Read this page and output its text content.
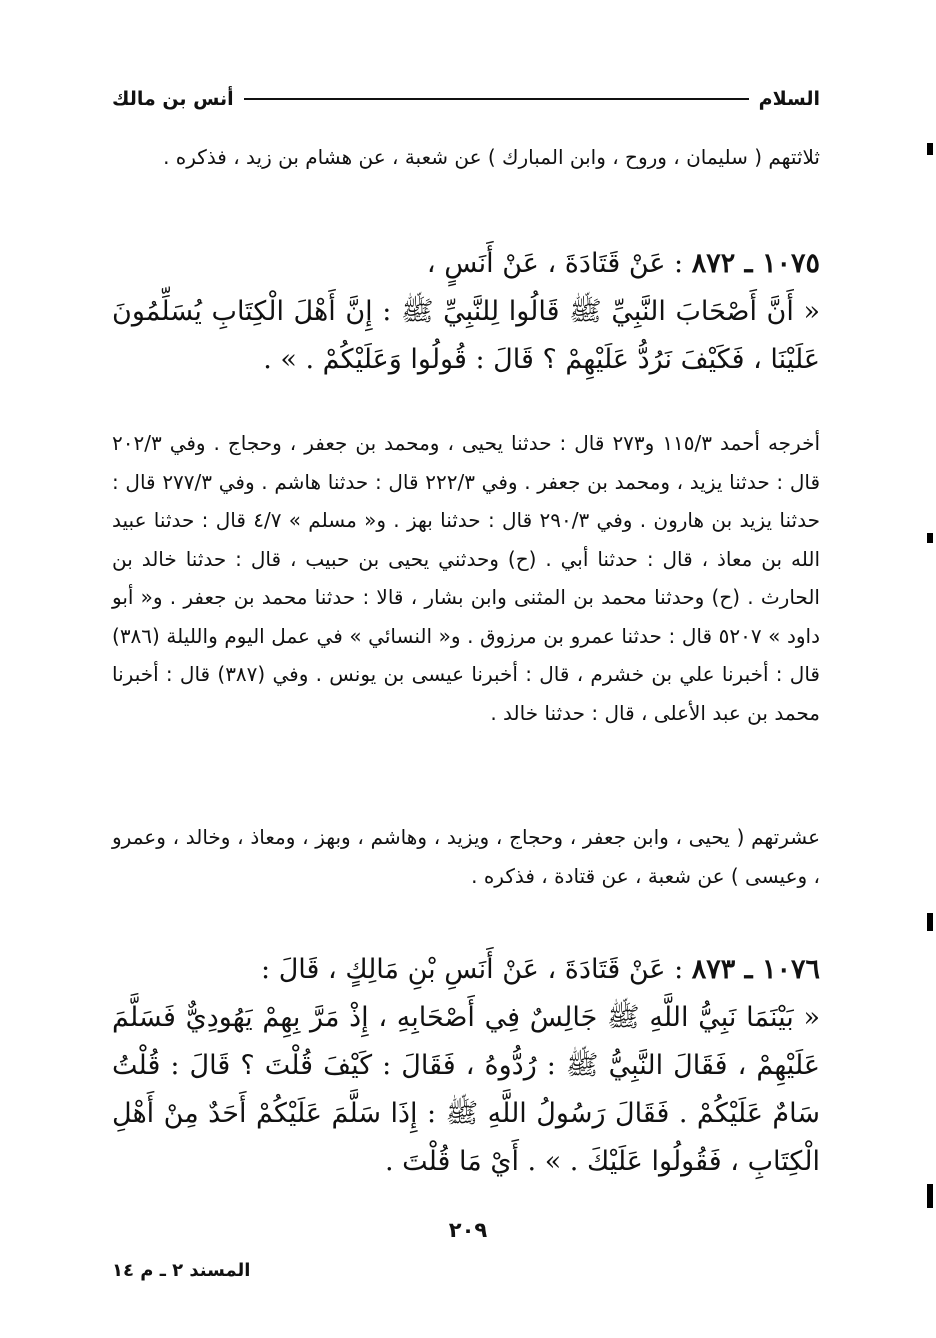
السلام
أنس بن مالك

ثلاثتهم ( سليمان ، وروح ، وابن المبارك ) عن شعبة ، عن هشام بن زيد ، فذكره .

١٠٧٥ ـ ٨٧٢ : عَنْ قَتَادَةَ ، عَنْ أَنَسٍ ،

« أَنَّ أَصْحَابَ النَّبِيِّ ﷺ قَالُوا لِلنَّبِيِّ ﷺ : إِنَّ أَهْلَ الْكِتَابِ يُسَلِّمُونَ عَلَيْنَا ، فَكَيْفَ نَرُدُّ عَلَيْهِمْ ؟ قَالَ : قُولُوا وَعَلَيْكُمْ . » .

أخرجه أحمد ١١٥/٣ و٢٧٣ قال : حدثنا يحيى ، ومحمد بن جعفر ، وحجاج . وفي ٢٠٢/٣ قال : حدثنا يزيد ، ومحمد بن جعفر . وفي ٢٢٢/٣ قال : حدثنا هاشم . وفي ٢٧٧/٣ قال : حدثنا يزيد بن هارون . وفي ٢٩٠/٣ قال : حدثنا بهز . و« مسلم » ٤/٧ قال : حدثنا عبيد الله بن معاذ ، قال : حدثنا أبي . (ح) وحدثني يحيى بن حبيب ، قال : حدثنا خالد بن الحارث . (ح) وحدثنا محمد بن المثنى وابن بشار ، قالا : حدثنا محمد بن جعفر . و« أبو داود » ٥٢٠٧ قال : حدثنا عمرو بن مرزوق . و« النسائي » في عمل اليوم والليلة (٣٨٦) قال : أخبرنا علي بن خشرم ، قال : أخبرنا عيسى بن يونس . وفي (٣٨٧) قال : أخبرنا محمد بن عبد الأعلى ، قال : حدثنا خالد .

عشرتهم ( يحيى ، وابن جعفر ، وحجاج ، ويزيد ، وهاشم ، وبهز ، ومعاذ ، وخالد ، وعمرو ، وعيسى ) عن شعبة ، عن قتادة ، فذكره .

١٠٧٦ ـ ٨٧٣ : عَنْ قَتَادَةَ ، عَنْ أَنَسِ بْنِ مَالِكٍ ، قَالَ :

« بَيْنَمَا نَبِيُّ اللَّهِ ﷺ جَالِسٌ فِي أَصْحَابِهِ ، إِذْ مَرَّ بِهِمْ يَهُودِيٌّ فَسَلَّمَ عَلَيْهِمْ ، فَقَالَ النَّبِيُّ ﷺ : رُدُّوهُ ، فَقَالَ : كَيْفَ قُلْتَ ؟ قَالَ : قُلْتُ سَامٌ عَلَيْكُمْ . فَقَالَ رَسُولُ اللَّهِ ﷺ : إِذَا سَلَّمَ عَلَيْكُمْ أَحَدٌ مِنْ أَهْلِ الْكِتَابِ ، فَقُولُوا عَلَيْكَ . » . أَيْ مَا قُلْتَ .

٢٠٩
المسند ٢ ـ م ١٤
